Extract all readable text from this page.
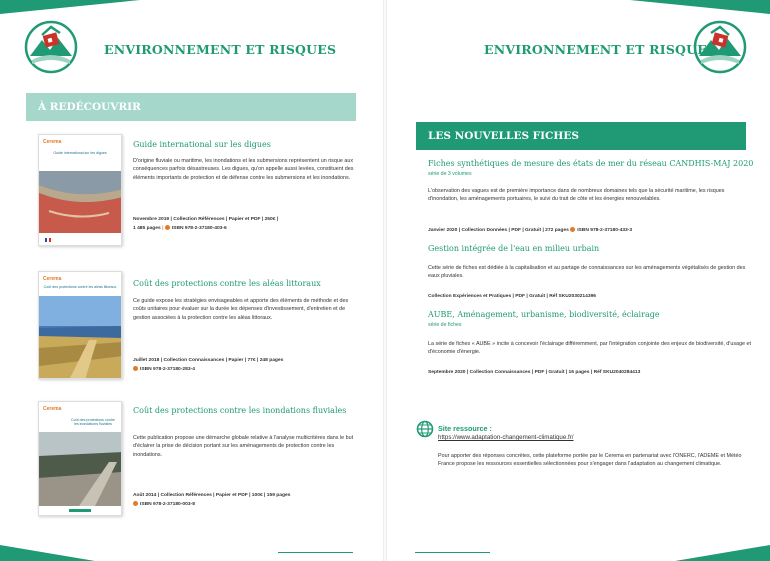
ENVIRONNEMENT ET RISQUES
À REDÉCOUVRIR
Cerema
Guide international sur les digues
Guide international sur les digues
D'origine fluviale ou maritime, les inondations et les submersions représentent un risque aux conséquences parfois désastreuses. Les digues, qu'on appelle aussi levées, constituent des éléments importants de protection et de défense contre les submersions et les inondations.
Novembre 2019 | Collection Références | Papier et PDF | 250€ |
1 485 pages | ISBN 978-2-37180-403-6
Cerema
Coût des protections contre les aléas littoraux Coût des protections contre les aléas littoraux
Ce guide expose les stratégies envisageables et apporte des éléments de méthode et des coûts unitaires pour évaluer sur la durée les dépenses d'investissement, d'entretien et de gestion associées à la protection contre les aléas littoraux.
Juillet 2018 | Collection Connaissances | Papier | 77€ | 248 pages
ISBN 978-2-37180-283-4
Cerema
Coût des protections contre les inondations fluviales
Coût des protections contre les inondations fluviales
Cette publication propose une démarche globale relative à l'analyse multicritères dans le but d'éclairer la prise de décision portant sur les aménagements de protection contre les inondations.
Août 2014 | Collection Références | Papier et PDF | 100€ | 159 pages
ISBN 978-2-37180-003-8
ENVIRONNEMENT ET RISQUES
LES NOUVELLES FICHES
Fiches synthétiques de mesure des états de mer du réseau CANDHIS-MAJ 2020
série de 3 volumes
L'observation des vagues est de première importance dans de nombreux domaines tels que la sécurité maritime, les risques d'inondation, les aménagements portuaires, le suivi du trait de côte et les énergies renouvelables.
Janvier 2020 | Collection Données | PDF | Gratuit | 272 pages ISBN 978-2-37180-433-3
Gestion intégrée de l'eau en milieu urbain
Cette série de fiches est dédiée à la capitalisation et au partage de connaissances sur les aménagements végétalisés de gestion des eaux pluviales.
Collection Expériences et Pratiques | PDF | Gratuit | Réf SKU2030214396
AUBE, Aménagement, urbanisme, biodiversité, éclairage
série de fiches
La série de fiches « AUBE » incite à concevoir l'éclairage différemment, par l'intégration conjointe des enjeux de biodiversité, d'usage et d'économie d'énergie.
Septembre 2020 | Collection Connaissances | PDF | Gratuit | 16 pages | Réf SKU2040284413
Site ressource :
https://www.adaptation-changement-climatique.fr/
Pour apporter des réponses concrètes, cette plateforme portée par le Cerema en partenariat avec l'ONERC, l'ADEME et Météo France propose les ressources essentielles sélectionnées pour s'engager dans l'adaptation au changement climatique.
